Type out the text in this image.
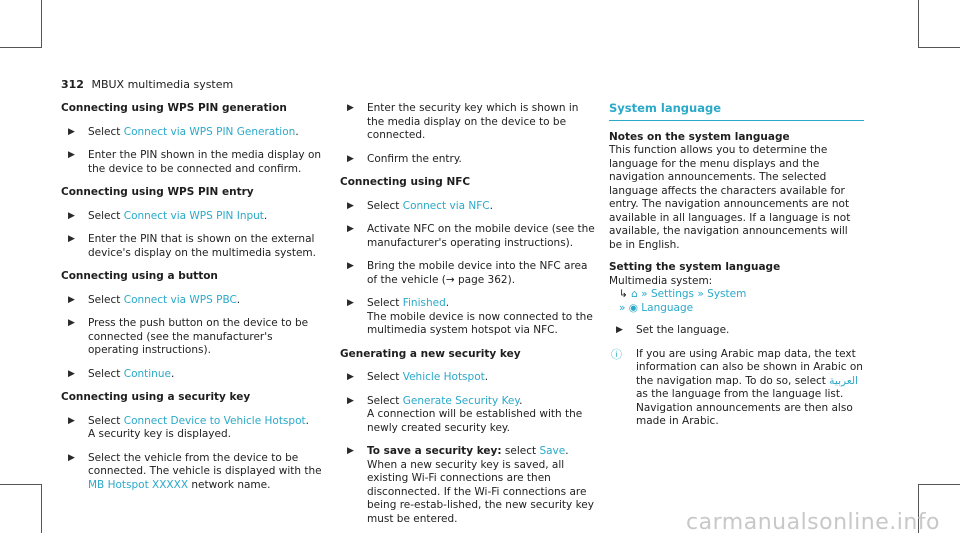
312 MBUX multimedia system

Connecting using WPS PIN generation

▶ Select Connect via WPS PIN Generation.
▶ Enter the PIN shown in the media display on the device to be connected and confirm.

Connecting using WPS PIN entry

▶ Select Connect via WPS PIN Input.
▶ Enter the PIN that is shown on the external device's display on the multimedia system.

Connecting using a button

▶ Select Connect via WPS PBC.
▶ Press the push button on the device to be connected (see the manufacturer's operating instructions).
▶ Select Continue.

Connecting using a security key

▶ Select Connect Device to Vehicle Hotspot.
A security key is displayed.
▶ Select the vehicle from the device to be connected. The vehicle is displayed with the MB Hotspot XXXXX network name.
▶ Enter the security key which is shown in the media display on the device to be connected.
▶ Confirm the entry.

Connecting using NFC

▶ Select Connect via NFC.
▶ Activate NFC on the mobile device (see the manufacturer's operating instructions).
▶ Bring the mobile device into the NFC area of the vehicle (→ page 362).
▶ Select Finished.
The mobile device is now connected to the multimedia system hotspot via NFC.

Generating a new security key

▶ Select Vehicle Hotspot.
▶ Select Generate Security Key.
A connection will be established with the newly created security key.
▶ To save a security key: select Save.
When a new security key is saved, all existing Wi-Fi connections are then disconnected. If the Wi-Fi connections are being re-estab-lished, the new security key must be entered.
System language

Notes on the system language

This function allows you to determine the language for the menu displays and the navigation announcements. The selected language affects the characters available for entry. The navigation announcements are not available in all languages. If a language is not available, the navigation announcements will be in English.

Setting the system language

Multimedia system:

↳ ⌂ » Settings » System
» ◉ Language
▶ Set the language.
ⓘ If you are using Arabic map data, the text information can also be shown in Arabic on the navigation map. To do so, select العربية as the language from the language list. Navigation announcements are then also made in Arabic.
carmanualsonline.info
